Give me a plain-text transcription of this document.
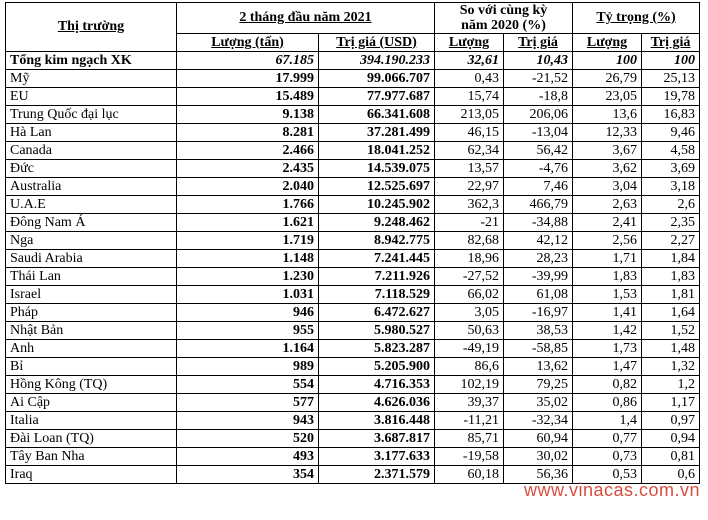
Thị trường	2 tháng đầu năm 2021		So với cùng kỳ
năm 2020 (%)		Tỷ trọng (%)	
	Lượng (tấn)	Trị giá (USD)	Lượng	Trị giá	Lượng	Trị giá
Tổng kim ngạch XK	67.185	394.190.233	32,61	10,43	100	100
Mỹ	17.999	99.066.707	0,43	-21,52	26,79	25,13
EU	15.489	77.977.687	15,74	-18,8	23,05	19,78
Trung Quốc đại lục	9.138	66.341.608	213,05	206,06	13,6	16,83
Hà Lan	8.281	37.281.499	46,15	-13,04	12,33	9,46
Canada	2.466	18.041.252	62,34	56,42	3,67	4,58
Đức	2.435	14.539.075	13,57	-4,76	3,62	3,69
Australia	2.040	12.525.697	22,97	7,46	3,04	3,18
U.A.E	1.766	10.245.902	362,3	466,79	2,63	2,6
Đông Nam Á	1.621	9.248.462	-21	-34,88	2,41	2,35
Nga	1.719	8.942.775	82,68	42,12	2,56	2,27
Saudi Arabia	1.148	7.241.445	18,96	28,23	1,71	1,84
Thái Lan	1.230	7.211.926	-27,52	-39,99	1,83	1,83
Israel	1.031	7.118.529	66,02	61,08	1,53	1,81
Pháp	946	6.472.627	3,05	-16,97	1,41	1,64
Nhật Bản	955	5.980.527	50,63	38,53	1,42	1,52
Anh	1.164	5.823.287	-49,19	-58,85	1,73	1,48
Bỉ	989	5.205.900	86,6	13,62	1,47	1,32
Hồng Kông (TQ)	554	4.716.353	102,19	79,25	0,82	1,2
Ai Cập	577	4.626.036	39,37	35,02	0,86	1,17
Italia	943	3.816.448	-11,21	-32,34	1,4	0,97
Đài Loan (TQ)	520	3.687.817	85,71	60,94	0,77	0,94
Tây Ban Nha	493	3.177.633	-19,58	30,02	0,73	0,81
Iraq	354	2.371.579	60,18	56,36	0,53	0,6
www.vinacas.com.vn
